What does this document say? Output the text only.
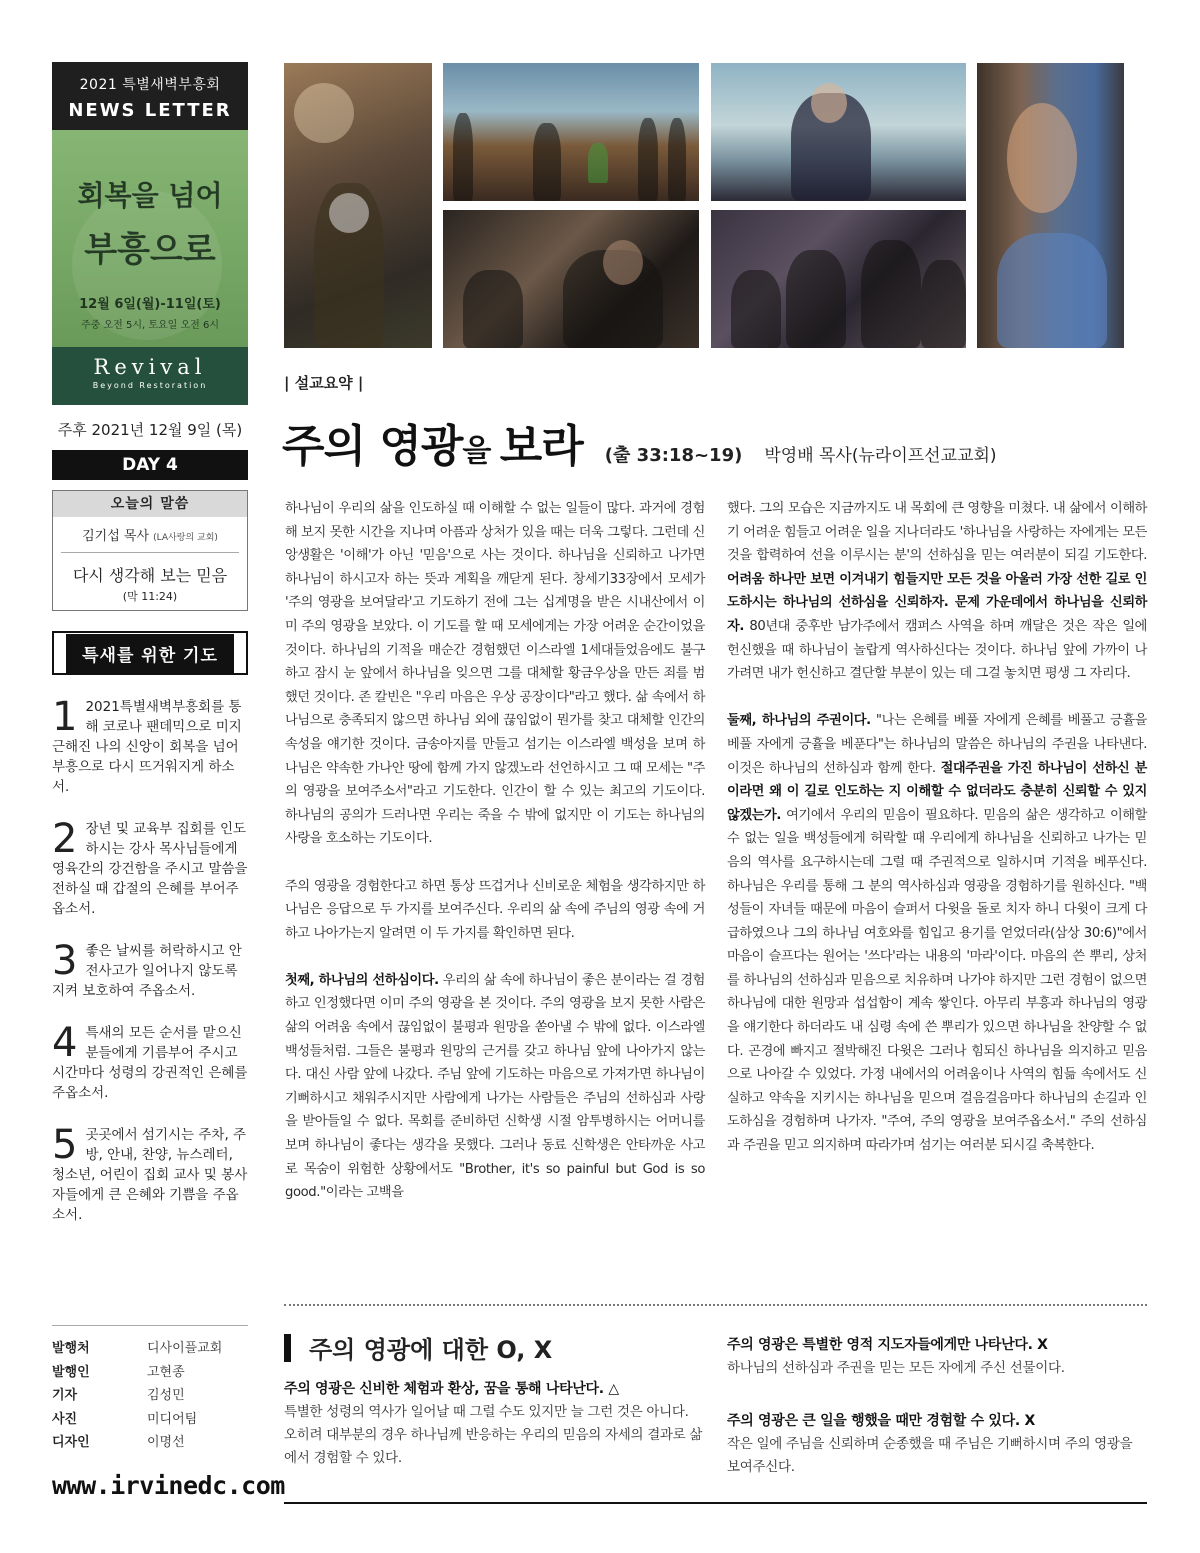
2021 특별새벽부흥회
NEWS LETTER
회복을 넘어
부흥으로
12월 6일(월)-11일(토)
주중 오전 5시, 토요일 오전 6시
Revival
Beyond Restoration
주후 2021년 12월 9일 (목)
DAY 4
오늘의 말씀
김기섭 목사 (LA사랑의 교회)
다시 생각해 보는 믿음
(막 11:24)
특새를 위한 기도
1 2021특별새벽부흥회를 통해 코로나 팬데믹으로 미지근해진 나의 신앙이 회복을 넘어 부흥으로 다시 뜨거워지게 하소서.
2 장년 및 교육부 집회를 인도하시는 강사 목사님들에게 영육간의 강건함을 주시고 말씀을 전하실 때 갑절의 은혜를 부어주옵소서.
3 좋은 날씨를 허락하시고 안전사고가 일어나지 않도록 지켜 보호하여 주옵소서.
4 특새의 모든 순서를 맡으신 분들에게 기름부어 주시고 시간마다 성령의 강권적인 은혜를 주옵소서.
5 곳곳에서 섬기시는 주차, 주방, 안내, 찬양, 뉴스레터, 청소년, 어린이 집회 교사 및 봉사자들에게 큰 은혜와 기쁨을 주옵소서.
발행처	디사이플교회
발행인	고현종
기자	김성민
사진	미디어팀
디자인	이명선
www.irvinedc.com
| 설교요약 |
주의 영광을 보라 (출 33:18~19) 박영배 목사(뉴라이프선교교회)

하나님이 우리의 삶을 인도하실 때 이해할 수 없는 일들이 많다. 과거에 경험해 보지 못한 시간을 지나며 아픔과 상처가 있을 때는 더욱 그렇다. 그런데 신앙생활은 '이해'가 아닌 '믿음'으로 사는 것이다. 하나님을 신뢰하고 나가면 하나님이 하시고자 하는 뜻과 계획을 깨닫게 된다. 창세기33장에서 모세가 '주의 영광을 보여달라'고 기도하기 전에 그는 십계명을 받은 시내산에서 이미 주의 영광을 보았다. 이 기도를 할 때 모세에게는 가장 어려운 순간이었을 것이다. 하나님의 기적을 매순간 경험했던 이스라엘 1세대들었음에도 불구하고 잠시 눈 앞에서 하나님을 잊으면 그를 대체할 황금우상을 만든 죄를 범했던 것이다. 존 칼빈은 "우리 마음은 우상 공장이다"라고 했다. 삶 속에서 하나님으로 충족되지 않으면 하나님 외에 끊임없이 뭔가를 찾고 대체할 인간의 속성을 얘기한 것이다. 금송아지를 만들고 섬기는 이스라엘 백성을 보며 하나님은 약속한 가나안 땅에 함께 가지 않겠노라 선언하시고 그 때 모세는 "주의 영광을 보여주소서"라고 기도한다. 인간이 할 수 있는 최고의 기도이다. 하나님의 공의가 드러나면 우리는 죽을 수 밖에 없지만 이 기도는 하나님의 사랑을 호소하는 기도이다.

주의 영광을 경험한다고 하면 통상 뜨겁거나 신비로운 체험을 생각하지만 하나님은 응답으로 두 가지를 보여주신다. 우리의 삶 속에 주님의 영광 속에 거하고 나아가는지 알려면 이 두 가지를 확인하면 된다.

첫째, 하나님의 선하심이다. 우리의 삶 속에 하나님이 좋은 분이라는 걸 경험하고 인정했다면 이미 주의 영광을 본 것이다. 주의 영광을 보지 못한 사람은 삶의 어려움 속에서 끊임없이 불평과 원망을 쏟아낼 수 밖에 없다. 이스라엘 백성들처럼. 그들은 불평과 원망의 근거를 갖고 하나님 앞에 나아가지 않는다. 대신 사람 앞에 나갔다. 주님 앞에 기도하는 마음으로 가져가면 하나님이 기뻐하시고 채워주시지만 사람에게 나가는 사람들은 주님의 선하심과 사랑을 받아들일 수 없다. 목회를 준비하던 신학생 시절 암투병하시는 어머니를 보며 하나님이 좋다는 생각을 못했다. 그러나 동료 신학생은 안타까운 사고로 목숨이 위험한 상황에서도 "Brother, it's so painful but God is so good."이라는 고백을

했다. 그의 모습은 지금까지도 내 목회에 큰 영향을 미쳤다. 내 삶에서 이해하기 어려운 힘들고 어려운 일을 지나더라도 '하나님을 사랑하는 자에게는 모든 것을 합력하여 선을 이루시는 분'의 선하심을 믿는 여러분이 되길 기도한다. 어려움 하나만 보면 이겨내기 힘들지만 모든 것을 아울러 가장 선한 길로 인도하시는 하나님의 선하심을 신뢰하자. 문제 가운데에서 하나님을 신뢰하자. 80년대 중후반 남가주에서 캠퍼스 사역을 하며 깨달은 것은 작은 일에 헌신했을 때 하나님이 놀랍게 역사하신다는 것이다. 하나님 앞에 가까이 나가려면 내가 헌신하고 결단할 부분이 있는 데 그걸 놓치면 평생 그 자리다.

둘째, 하나님의 주권이다. "나는 은혜를 베풀 자에게 은혜를 베풀고 긍휼을 베풀 자에게 긍휼을 베푼다"는 하나님의 말씀은 하나님의 주권을 나타낸다. 이것은 하나님의 선하심과 함께 한다. 절대주권을 가진 하나님이 선하신 분이라면 왜 이 길로 인도하는 지 이해할 수 없더라도 충분히 신뢰할 수 있지 않겠는가. 여기에서 우리의 믿음이 필요하다. 믿음의 삶은 생각하고 이해할 수 없는 일을 백성들에게 허락할 때 우리에게 하나님을 신뢰하고 나가는 믿음의 역사를 요구하시는데 그럴 때 주권적으로 일하시며 기적을 베푸신다. 하나님은 우리를 통해 그 분의 역사하심과 영광을 경험하기를 원하신다. "백성들이 자녀들 때문에 마음이 슬퍼서 다윗을 돌로 치자 하니 다윗이 크게 다급하였으나 그의 하나님 여호와를 힘입고 용기를 얻었더라(삼상 30:6)"에서 마음이 슬프다는 원어는 '쓰다'라는 내용의 '마라'이다. 마음의 쓴 뿌리, 상처를 하나님의 선하심과 믿음으로 치유하며 나가야 하지만 그런 경험이 없으면 하나님에 대한 원망과 섭섭함이 계속 쌓인다. 아무리 부흥과 하나님의 영광을 얘기한다 하더라도 내 심령 속에 쓴 뿌리가 있으면 하나님을 찬양할 수 없다. 곤경에 빠지고 절박해진 다윗은 그러나 힘되신 하나님을 의지하고 믿음으로 나아갈 수 있었다. 가정 내에서의 어려움이나 사역의 힘듦 속에서도 신실하고 약속을 지키시는 하나님을 믿으며 걸음걸음마다 하나님의 손길과 인도하심을 경험하며 나가자. "주여, 주의 영광을 보여주옵소서." 주의 선하심과 주권을 믿고 의지하며 따라가며 섬기는 여러분 되시길 축복한다.

주의 영광에 대한 O, X
주의 영광은 신비한 체험과 환상, 꿈을 통해 나타난다. △
특별한 성령의 역사가 일어날 때 그럴 수도 있지만 늘 그런 것은 아니다. 오히려 대부분의 경우 하나님께 반응하는 우리의 믿음의 자세의 결과로 삶에서 경험할 수 있다.
주의 영광은 특별한 영적 지도자들에게만 나타난다. X
하나님의 선하심과 주권을 믿는 모든 자에게 주신 선물이다.
주의 영광은 큰 일을 행했을 때만 경험할 수 있다. X
작은 일에 주님을 신뢰하며 순종했을 때 주님은 기뻐하시며 주의 영광을 보여주신다.
